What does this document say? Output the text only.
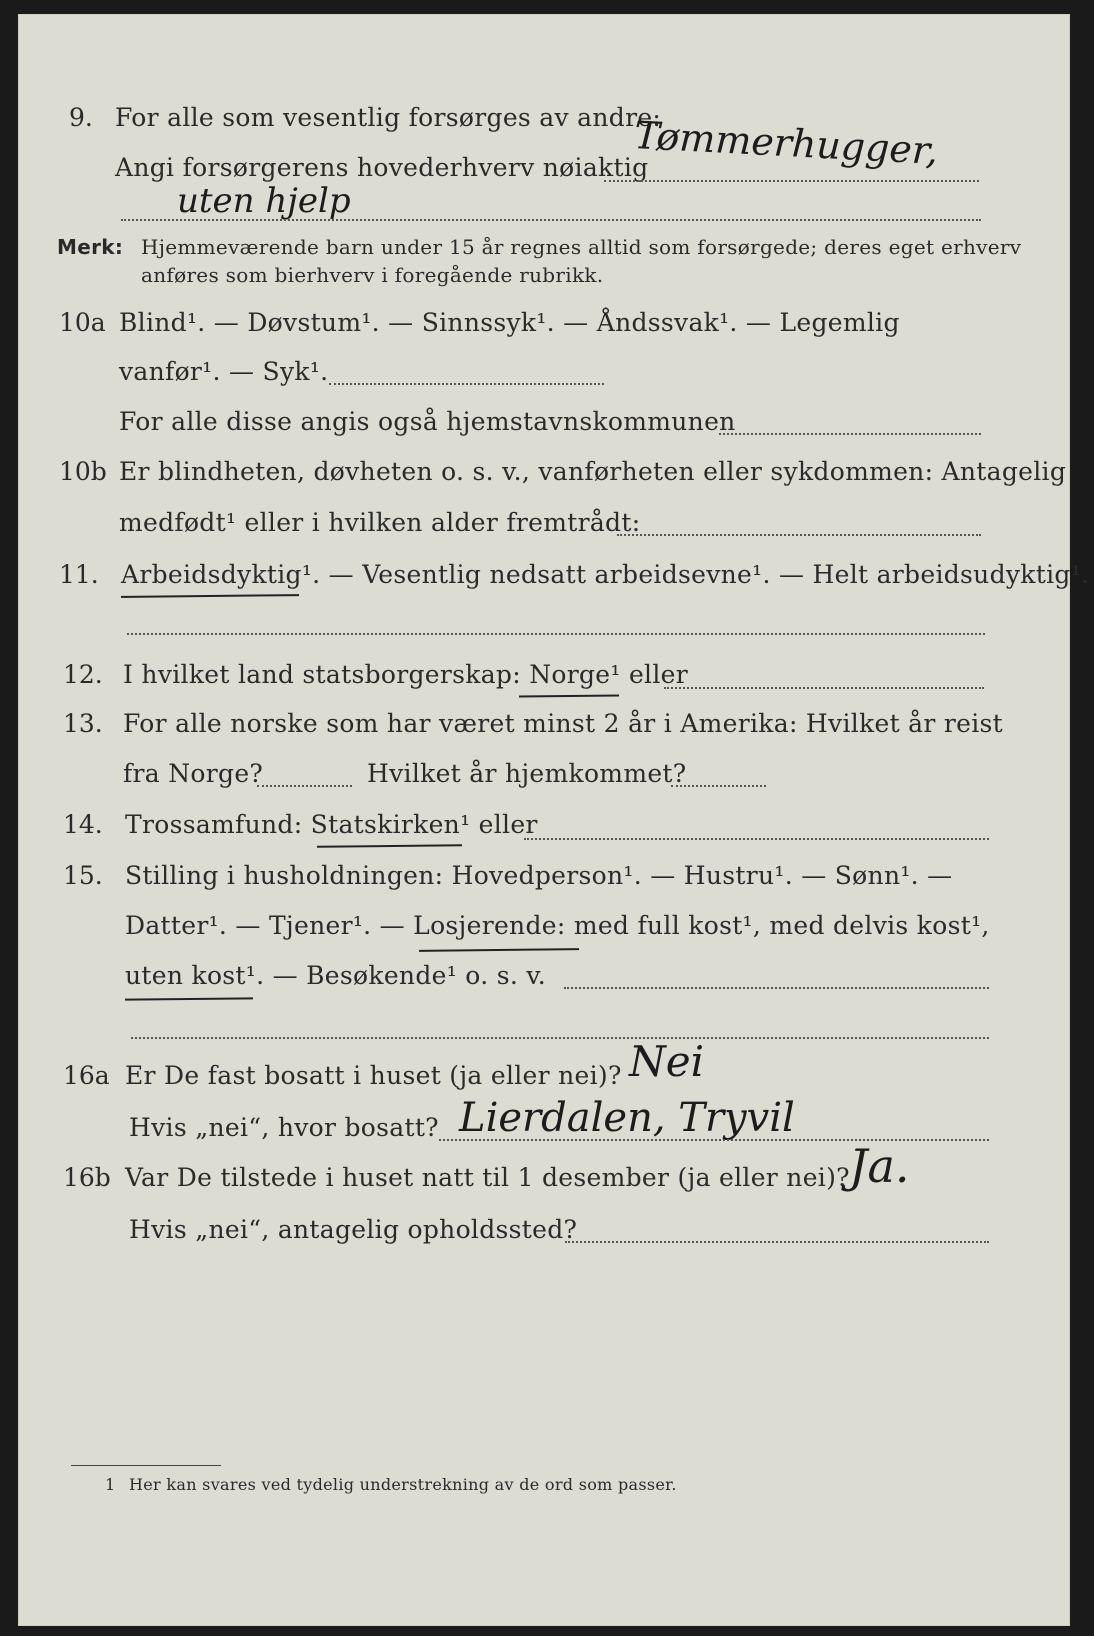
9. For alle som vesentlig forsørges av andre:
Angi forsørgerens hovederhverv nøiaktig
Tømmerhugger,
uten hjelp
Merk: Hjemmeværende barn under 15 år regnes alltid som forsørgede; deres eget erhverv
anføres som bierhverv i foregående rubrikk.
10a Blind¹. — Døvstum¹. — Sinnssyk¹. — Åndssvak¹. — Legemlig
vanfør¹. — Syk¹.
For alle disse angis også hjemstavnskommunen
10b Er blindheten, døvheten o. s. v., vanførheten eller sykdommen: Antagelig
medfødt¹ eller i hvilken alder fremtrådt:
11. Arbeidsdyktig¹. — Vesentlig nedsatt arbeidsevne¹. — Helt arbeidsudyktig¹.
12. I hvilket land statsborgerskap: Norge¹ eller
13. For alle norske som har været minst 2 år i Amerika: Hvilket år reist
fra Norge?	Hvilket år hjemkommet?
14. Trossamfund: Statskirken¹ eller
15. Stilling i husholdningen: Hovedperson¹. — Hustru¹. — Sønn¹. —
Datter¹. — Tjener¹. — Losjerende: med full kost¹, med delvis kost¹,
uten kost¹. — Besøkende¹ o. s. v.
16a Er De fast bosatt i huset (ja eller nei)? Nei
Hvis „nei“, hvor bosatt? Lierdalen, Tryvil
16b Var De tilstede i huset natt til 1 desember (ja eller nei)? Ja.
Hvis „nei“, antagelig opholdssted?
1 Her kan svares ved tydelig understrekning av de ord som passer.
